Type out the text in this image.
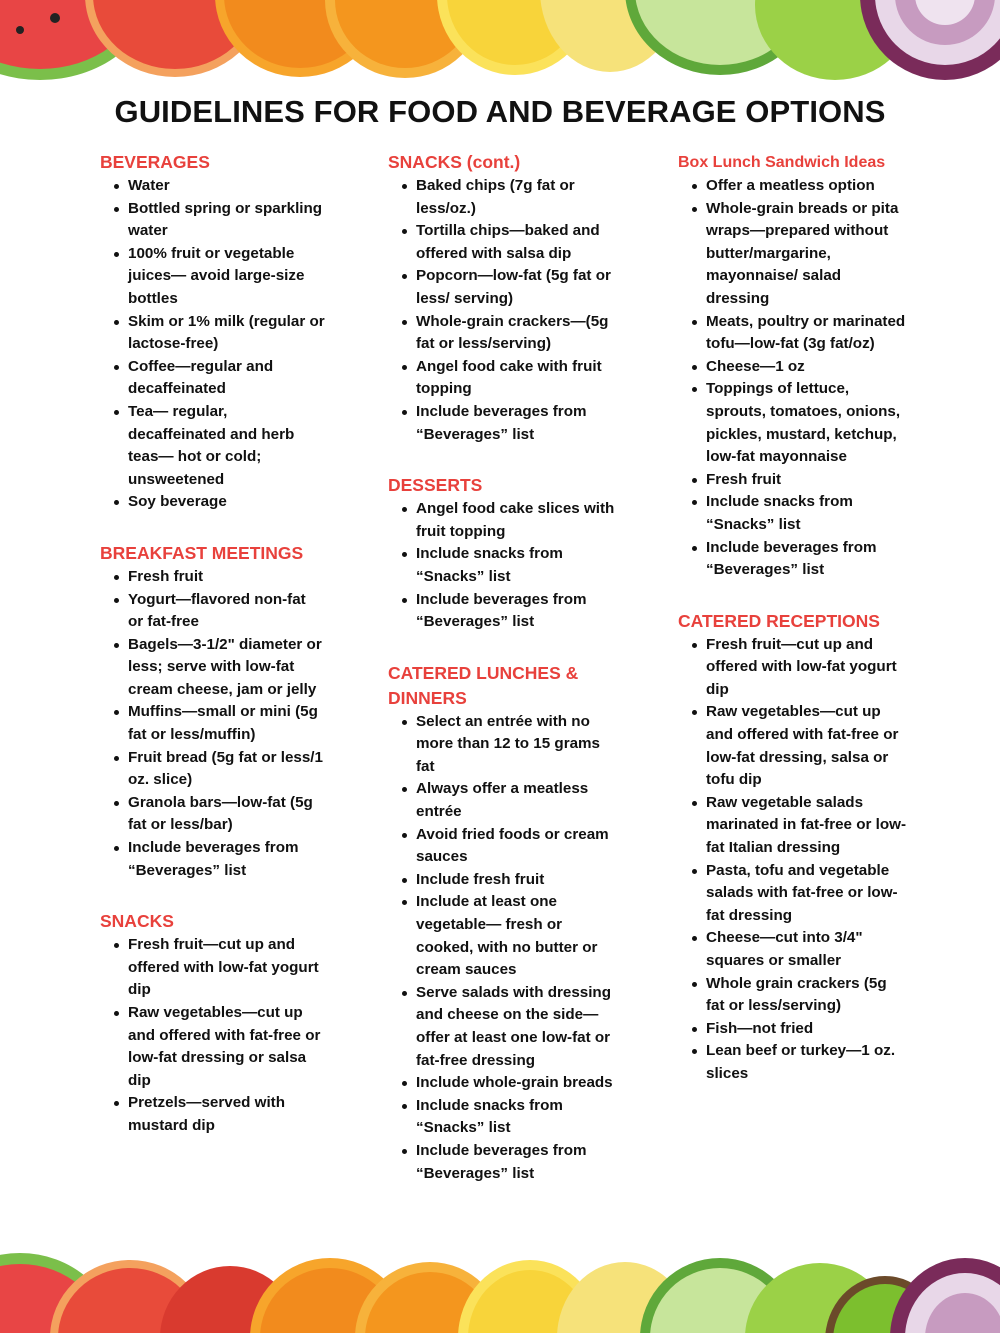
GUIDELINES FOR FOOD AND BEVERAGE OPTIONS
BEVERAGES
Water
Bottled spring or sparkling water
100% fruit or vegetable juices— avoid large-size bottles
Skim or 1% milk (regular or lactose-free)
Coffee—regular and decaffeinated
Tea— regular, decaffeinated and herb teas— hot or cold; unsweetened
Soy beverage
BREAKFAST MEETINGS
Fresh fruit
Yogurt—flavored non-fat or fat-free
Bagels—3-1/2" diameter or less; serve with low-fat cream cheese, jam or jelly
Muffins—small or mini (5g fat or less/muffin)
Fruit bread (5g fat or less/1 oz. slice)
Granola bars—low-fat (5g fat or less/bar)
Include beverages from “Beverages” list
SNACKS
Fresh fruit—cut up and offered with low-fat yogurt dip
Raw vegetables—cut up and offered with fat-free or low-fat dressing or salsa dip
Pretzels—served with mustard dip
SNACKS (cont.)
Baked chips (7g fat or less/oz.)
Tortilla chips—baked and offered with salsa dip
Popcorn—low-fat (5g fat or less/ serving)
Whole-grain crackers—(5g fat or less/serving)
Angel food cake with fruit topping
Include beverages from “Beverages” list
DESSERTS
Angel food cake slices with fruit topping
Include snacks from “Snacks” list
Include beverages from “Beverages” list
CATERED LUNCHES & DINNERS
Select an entrée with no more than 12 to 15 grams fat
Always offer a meatless entrée
Avoid fried foods or cream sauces
Include fresh fruit
Include at least one vegetable— fresh or cooked, with no butter or cream sauces
Serve salads with dressing and cheese on the side— offer at least one low-fat or fat-free dressing
Include whole-grain breads
Include snacks from “Snacks” list
Include beverages from “Beverages” list
Box Lunch Sandwich Ideas
Offer a meatless option
Whole-grain breads or pita wraps—prepared without butter/margarine, mayonnaise/ salad dressing
Meats, poultry or marinated tofu—low-fat (3g fat/oz)
Cheese—1 oz
Toppings of lettuce, sprouts, tomatoes, onions, pickles, mustard, ketchup, low-fat mayonnaise
Fresh fruit
Include snacks from “Snacks” list
Include beverages from “Beverages” list
CATERED RECEPTIONS
Fresh fruit—cut up and offered with low-fat yogurt dip
Raw vegetables—cut up and offered with fat-free or low-fat dressing, salsa or tofu dip
Raw vegetable salads marinated in fat-free or low-fat Italian dressing
Pasta, tofu and vegetable salads with fat-free or low-fat dressing
Cheese—cut into 3/4" squares or smaller
Whole grain crackers (5g fat or less/serving)
Fish—not fried
Lean beef or turkey—1 oz. slices
